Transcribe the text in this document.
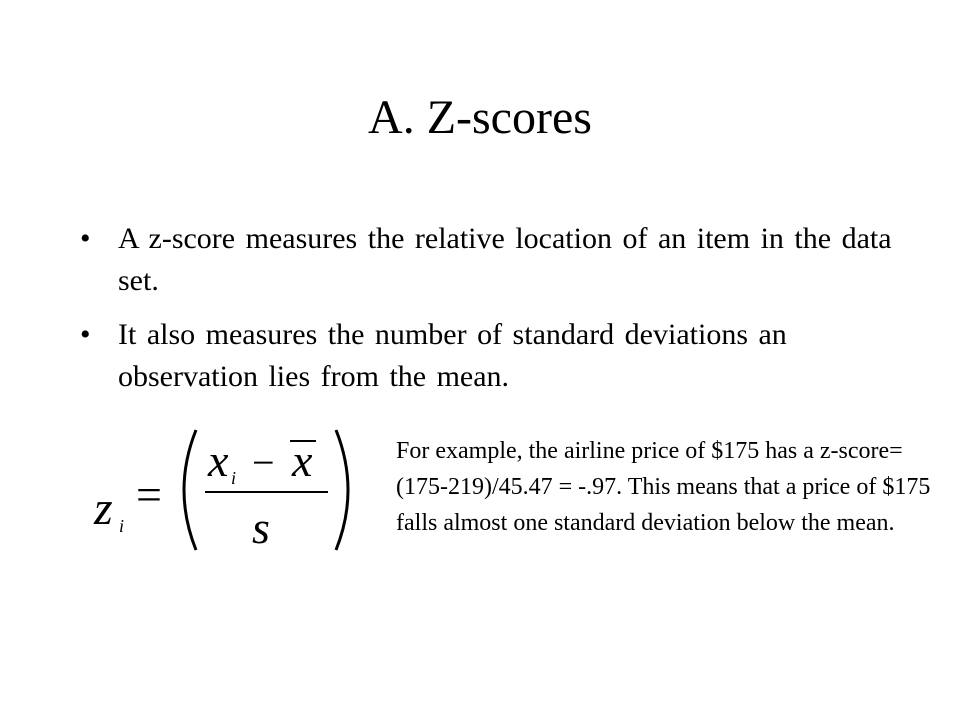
A. Z-scores
• A z-score measures the relative location of an item in the data set.
• It also measures the number of standard deviations an observation lies from the mean.
z i
=
x i − x
s

For example, the airline price of $175 has a z-score=(175-219)/45.47 = -.97. This means that a price of $175 falls almost one standard deviation below the mean.
